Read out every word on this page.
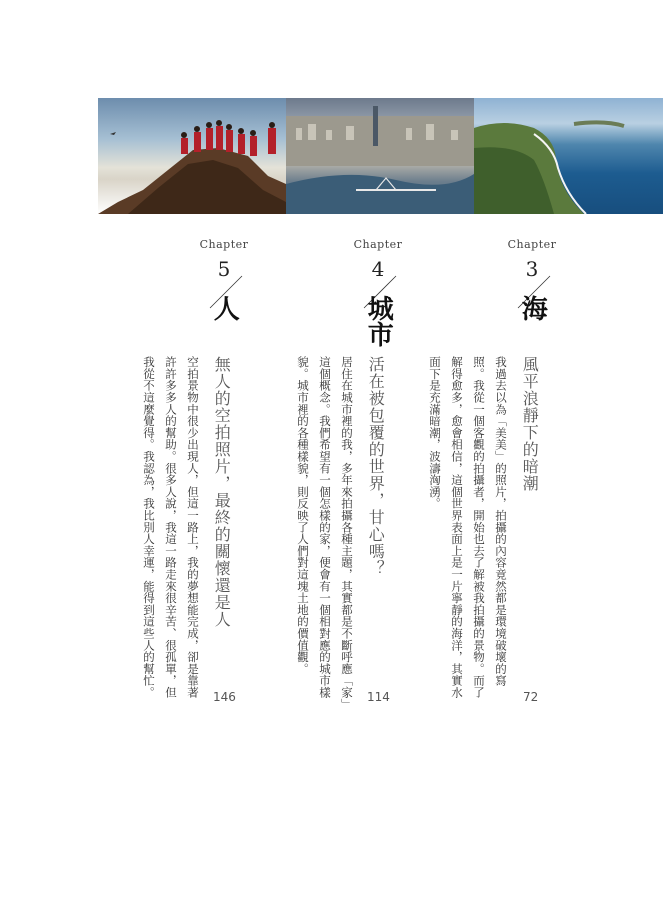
Chapter
3
海
Chapter
4
城市
Chapter
5
人
風平浪靜下的暗潮
72
我過去以為「美美」的照片，拍攝的內容竟然都是環境破壞的寫照。我從一個客觀的拍攝者，開始也去了解被我拍攝的景物。而了解得愈多，愈會相信，這個世界表面上是一片寧靜的海洋，其實水面下是充滿暗潮，波濤洶湧。
活在被包覆的世界，甘心嗎？
114
居住在城市裡的我，多年來拍攝各種主題，其實都是不斷呼應「家」這個概念。我們希望有一個怎樣的家，便會有一個相對應的城市樣貌。城市裡的各種樣貌，則反映了人們對這塊土地的價值觀。
無人的空拍照片，最終的關懷還是人
146
空拍景物中很少出現人，但這一路上，我的夢想能完成，卻是靠著許許多多人的幫助。很多人說，我這一路走來很辛苦、很孤單，但我從不這麼覺得。我認為，我比別人幸運，能得到這些人的幫忙。
